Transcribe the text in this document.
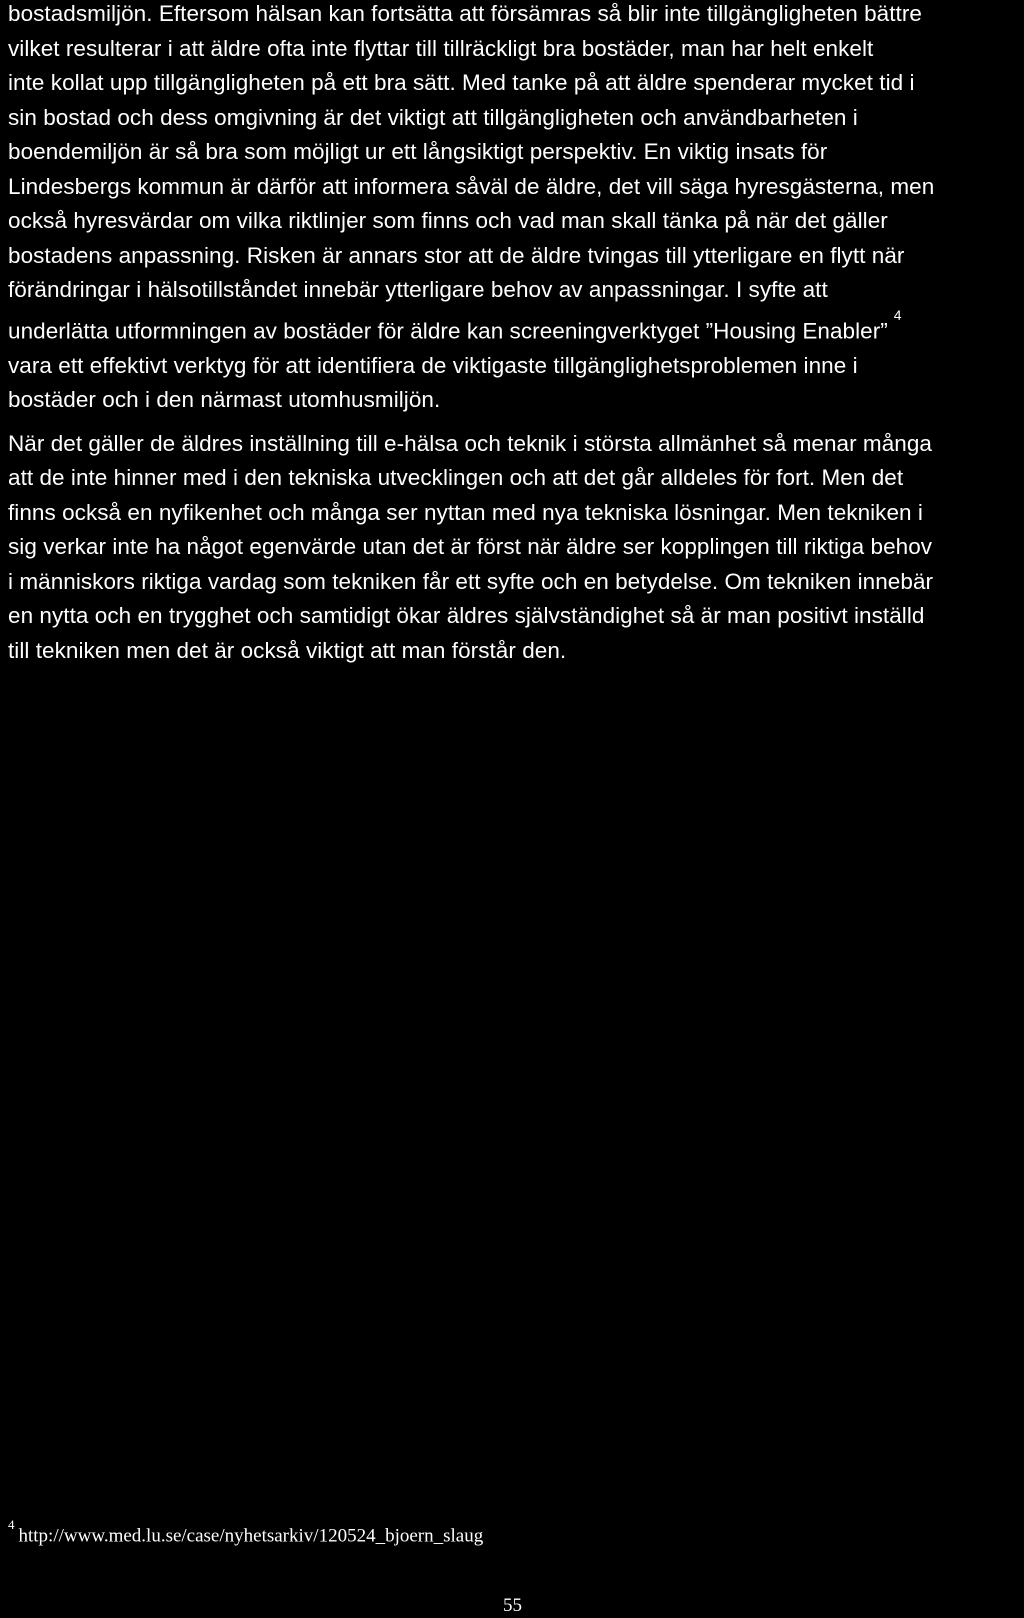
bostadsmiljön. Eftersom hälsan kan fortsätta att försämras så blir inte tillgängligheten bättre
vilket resulterar i att äldre ofta inte flyttar till tillräckligt bra bostäder, man har helt enkelt
inte kollat upp tillgängligheten på ett bra sätt. Med tanke på att äldre spenderar mycket tid i
sin bostad och dess omgivning är det viktigt att tillgängligheten och användbarheten i
boendemiljön är så bra som möjligt ur ett långsiktigt perspektiv. En viktig insats för
Lindesbergs kommun är därför att informera såväl de äldre, det vill säga hyresgästerna, men
också hyresvärdar om vilka riktlinjer som finns och vad man skall tänka på när det gäller
bostadens anpassning. Risken är annars stor att de äldre tvingas till ytterligare en flytt när
förändringar i hälsotillståndet innebär ytterligare behov av anpassningar. I syfte att
underlätta utformningen av bostäder för äldre kan screeningverktyget ”Housing Enabler”$^4$
vara ett effektivt verktyg för att identifiera de viktigaste tillgänglighetsproblemen inne i
bostäder och i den närmast utomhusmiljön.

När det gäller de äldres inställning till e-hälsa och teknik i största allmänhet så menar många
att de inte hinner med i den tekniska utvecklingen och att det går alldeles för fort. Men det
finns också en nyfikenhet och många ser nyttan med nya tekniska lösningar. Men tekniken i
sig verkar inte ha något egenvärde utan det är först när äldre ser kopplingen till riktiga behov
i människors riktiga vardag som tekniken får ett syfte och en betydelse. Om tekniken innebär
en nytta och en trygghet och samtidigt ökar äldres självständighet så är man positivt inställd
till tekniken men det är också viktigt att man förstår den.

$^4$http://www.med.lu.se/case/nyhetsarkiv/120524_bjoern_slaug
55
